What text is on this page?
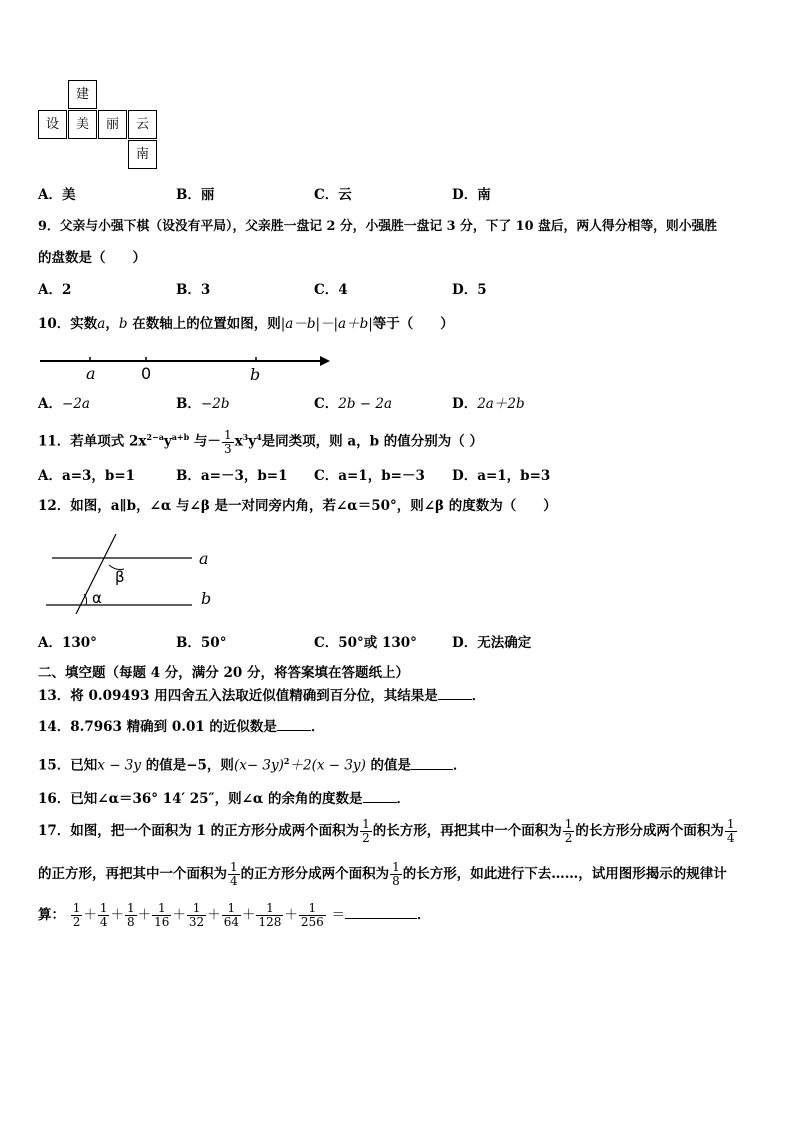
建
设	美	丽	云
南
A．美	B．丽	C．云	D．南
9．父亲与小强下棋（设没有平局），父亲胜一盘记 2 分，小强胜一盘记 3 分，下了 10 盘后，两人得分相等，则小强胜
的盘数是（　　）
A．2	B．3	C．4	D．5
10．实数a，b 在数轴上的位置如图，则|a－b|－|a＋b|等于（　　）
a	0	b
A．−2a	B．−2b	C．2b − 2a	D．2a＋2b
11．若单项式 $2x^{2-a}y^{a+b}$ 与－ $\frac{1}{3} x^3y^4$是同类项，则 a，b 的值分别为（ ）
A．a=3，b=1	B．a=－3，b=1 C．a=1，b=－3 D．a=1，b=3
12．如图，a∥b，∠α 与∠β 是一对同旁内角，若∠α＝50°，则∠β 的度数为（　　）
β
α
a
b
A．130°	B．50°	C．50°或 130°	D．无法确定
二、填空题（每题 4 分，满分 20 分，将答案填在答题纸上）
13．将 0.09493 用四舍五入法取近似值精确到百分位，其结果是	．
14．8.7963 精确到 0.01 的近似数是	．
15．已知x − 3y 的值是−5，则$(x- 3y)^2+2(x - 3y)$ 的值是	．
16．已知∠α＝36° 14′ 25″，则∠α 的余角的度数是	．
17．如图，把一个面积为 1 的正方形分成两个面积为 $\frac{1}{2}$ 的长方形，再把其中一个面积为 $\frac{1}{2}$ 的长方形分成两个面积为 $\frac{1}{4}$
的正方形，再把其中一个面积为 $\frac{1}{4}$ 的正方形分成两个面积为 $\frac{1}{8}$ 的长方形，如此进行下去……，试用图形揭示的规律计
算： $\frac{1}{2} + \frac{1}{4} + \frac{1}{8} + \frac{1}{16} + \frac{1}{32} + \frac{1}{64} + \frac{1}{128} + \frac{1}{256}$ ＝	．
